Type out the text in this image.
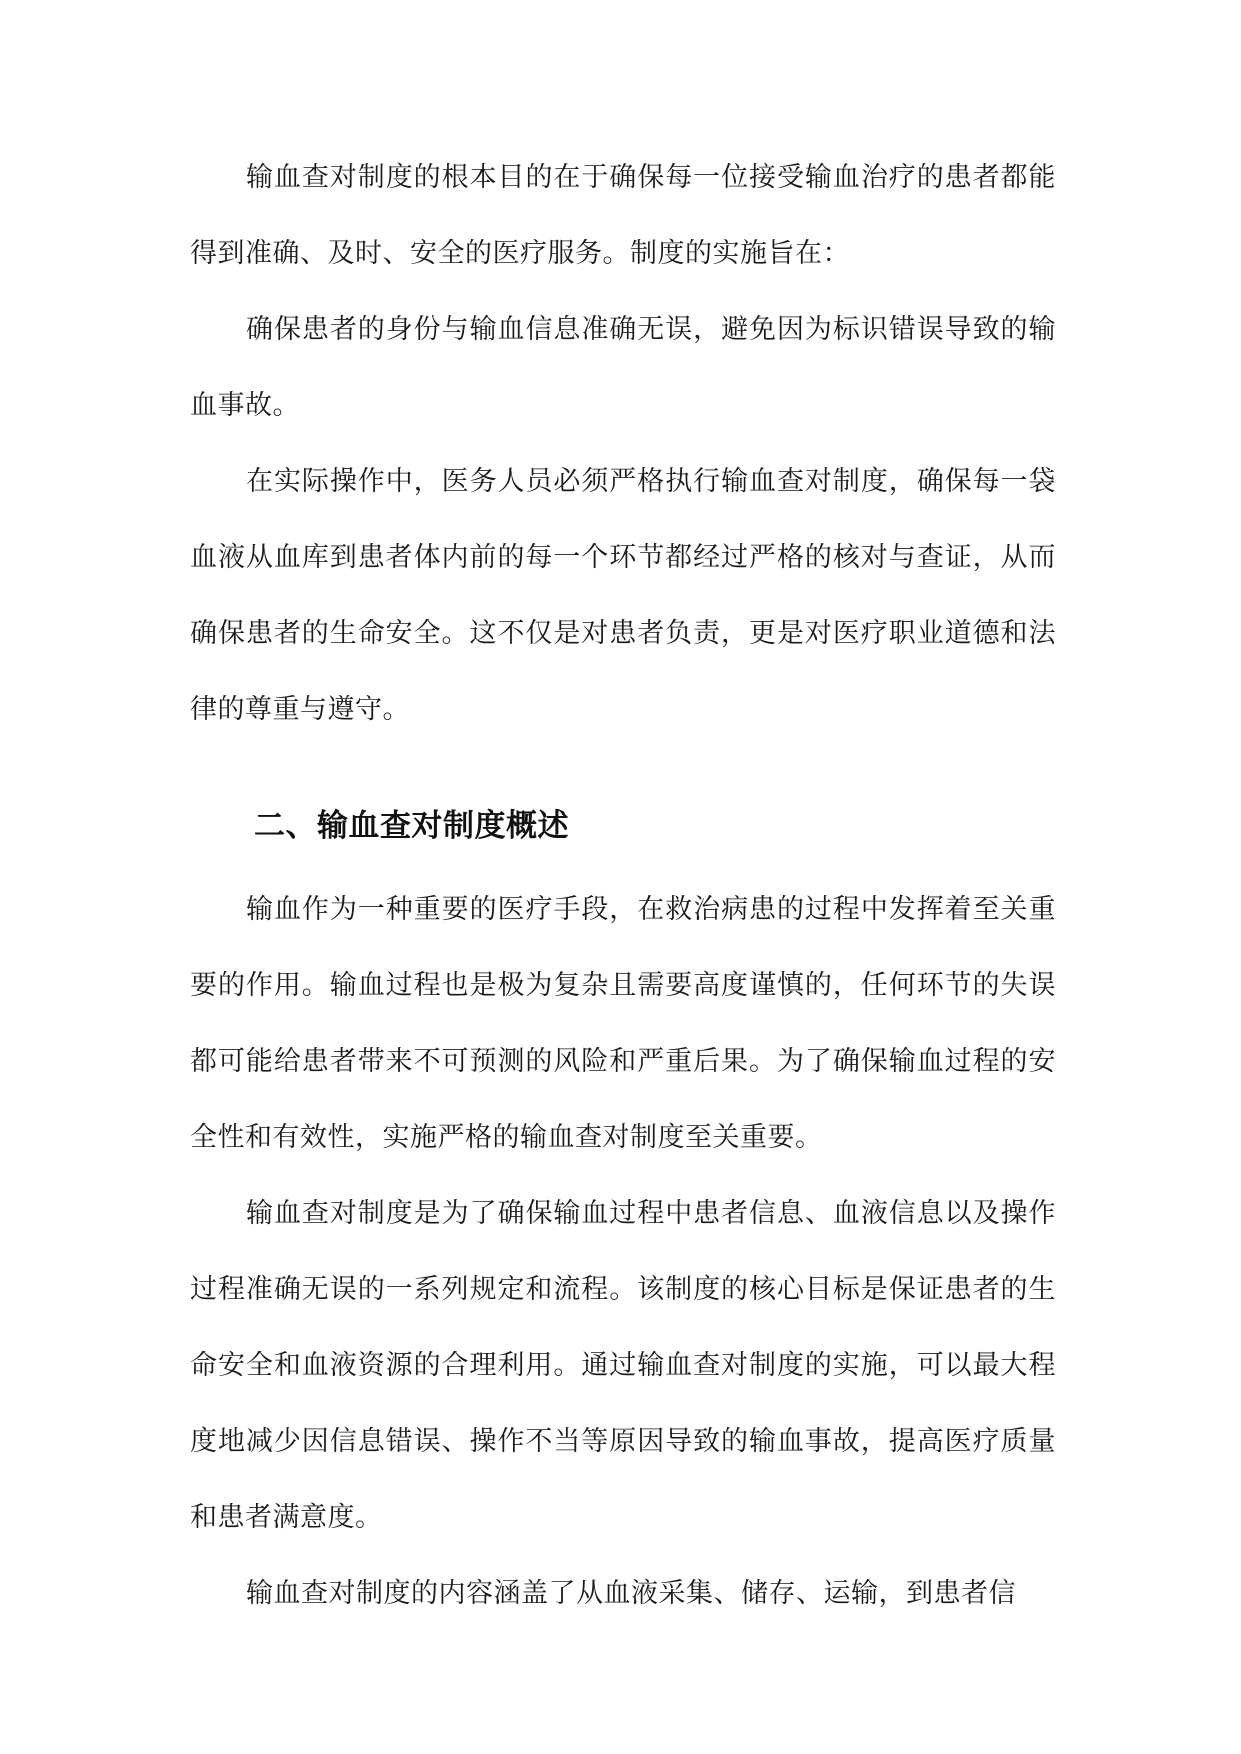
输血查对制度的根本目的在于确保每一位接受输血治疗的患者都能得到准确、及时、安全的医疗服务。制度的实施旨在：

确保患者的身份与输血信息准确无误，避免因为标识错误导致的输血事故。

在实际操作中，医务人员必须严格执行输血查对制度，确保每一袋血液从血库到患者体内前的每一个环节都经过严格的核对与查证，从而确保患者的生命安全。这不仅是对患者负责，更是对医疗职业道德和法律的尊重与遵守。

二、输血查对制度概述

输血作为一种重要的医疗手段，在救治病患的过程中发挥着至关重要的作用。输血过程也是极为复杂且需要高度谨慎的，任何环节的失误都可能给患者带来不可预测的风险和严重后果。为了确保输血过程的安全性和有效性，实施严格的输血查对制度至关重要。

输血查对制度是为了确保输血过程中患者信息、血液信息以及操作过程准确无误的一系列规定和流程。该制度的核心目标是保证患者的生命安全和血液资源的合理利用。通过输血查对制度的实施，可以最大程度地减少因信息错误、操作不当等原因导致的输血事故，提高医疗质量和患者满意度。

输血查对制度的内容涵盖了从血液采集、储存、运输，到患者信
